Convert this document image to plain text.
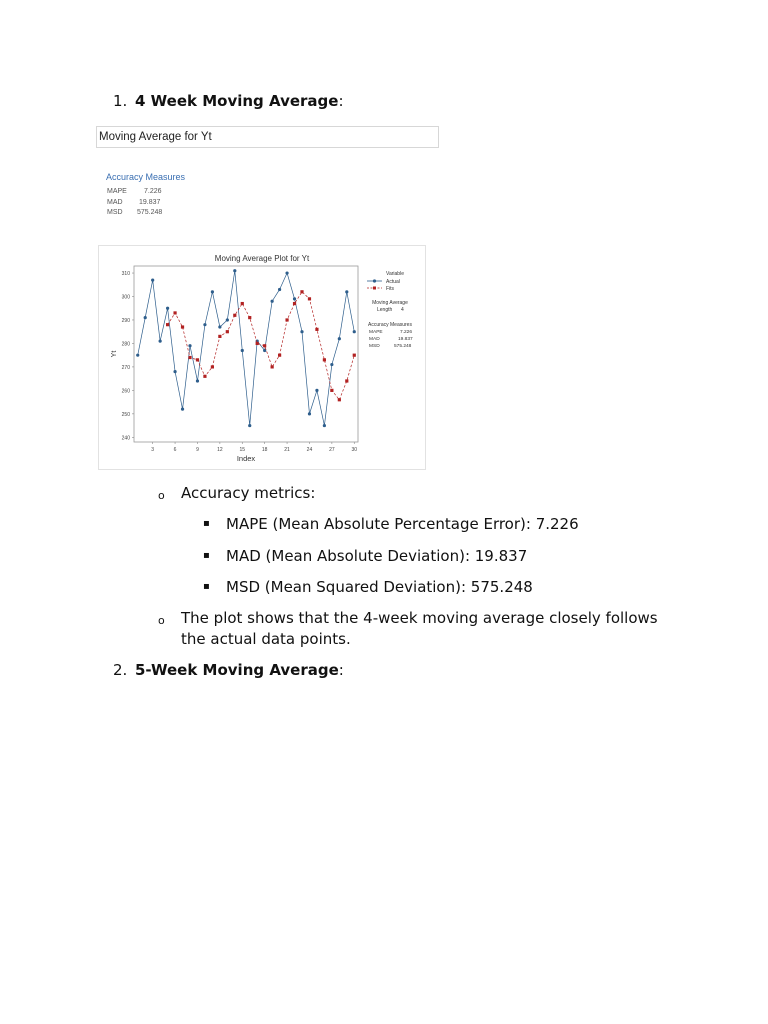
1. 4 Week Moving Average:
Moving Average for Yt
Accuracy Measures
MAPE 7.226
MAD 19.837
MSD 575.248
Moving Average Plot for Yt
240
250
260
270
280
290
300
310
3	6	9	12	15	18	21	24	27	30
Index
Yt
Variable
Actual
Fits
Moving Average
Length 4
Accuracy Measures
MAPE	7.226
MAD	19.837
MSD	575.248
o Accuracy metrics:
▪ MAPE (Mean Absolute Percentage Error): 7.226
▪ MAD (Mean Absolute Deviation): 19.837
▪ MSD (Mean Squared Deviation): 575.248
o The plot shows that the 4-week moving average closely follows
the actual data points.
2. 5-Week Moving Average:
